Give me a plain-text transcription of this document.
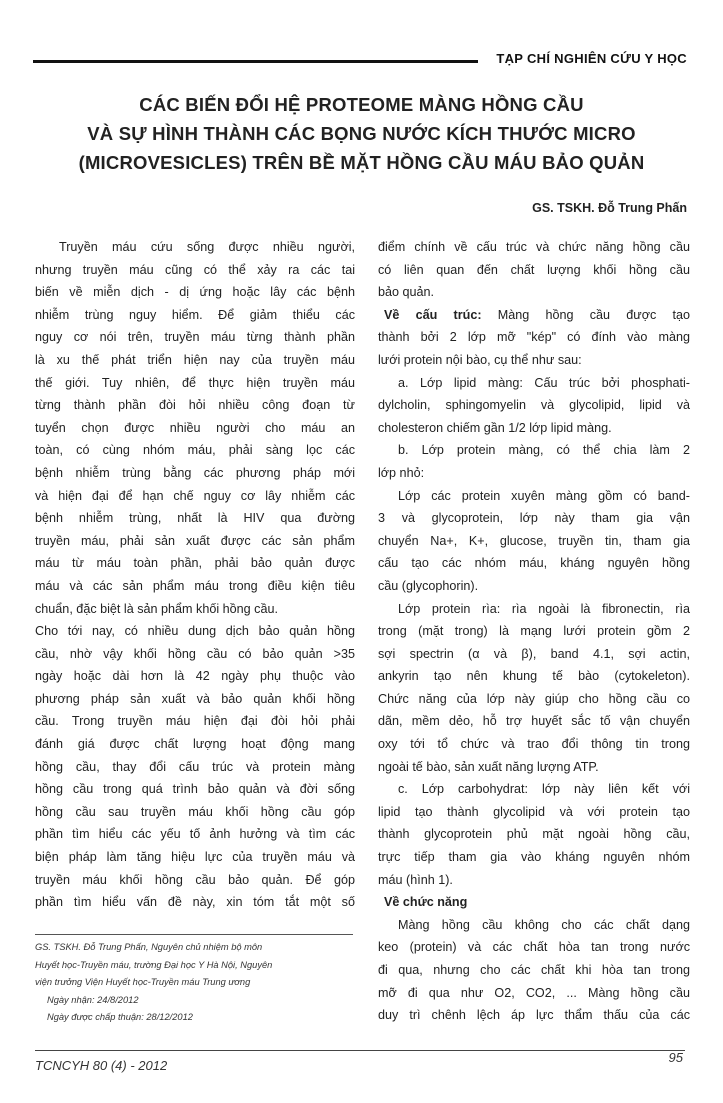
TẠP CHÍ NGHIÊN CỨU Y HỌC
CÁC BIẾN ĐỔI HỆ PROTEOME MÀNG HỒNG CẦU
VÀ SỰ HÌNH THÀNH CÁC BỌNG NƯỚC KÍCH THƯỚC MICRO
(MICROVESICLES) TRÊN BỀ MẶT HỒNG CẦU MÁU BẢO QUẢN
GS. TSKH. Đỗ Trung Phấn
Truyền máu cứu sống được nhiều người,
nhưng truyền máu cũng có thể xảy ra các tai
biến về miễn dịch - dị ứng hoặc lây các bệnh
nhiễm trùng nguy hiểm. Để giảm thiểu các
nguy cơ nói trên, truyền máu từng thành phần
là xu thế phát triển hiện nay của truyền máu
thế giới. Tuy nhiên, để thực hiện truyền máu
từng thành phần đòi hỏi nhiều công đoạn từ
tuyển chọn được nhiều người cho máu an
toàn, có cùng nhóm máu, phải sàng lọc các
bệnh nhiễm trùng bằng các phương pháp mới
và hiện đại để hạn chế nguy cơ lây nhiễm các
bệnh nhiễm trùng, nhất là HIV qua đường
truyền máu, phải sản xuất được các sản phẩm
máu từ máu toàn phần, phải bảo quản được
máu và các sản phẩm máu trong điều kiện tiêu
chuẩn, đặc biệt là sản phẩm khối hồng cầu.
Cho tới nay, có nhiều dung dịch bảo quản hồng
cầu, nhờ vậy khối hồng cầu có bảo quản >35
ngày hoặc dài hơn là 42 ngày phụ thuộc vào
phương pháp sản xuất và bảo quản khối hồng
cầu. Trong truyền máu hiện đại đòi hỏi phải
đánh giá được chất lượng hoạt động mang
hồng cầu, thay đổi cấu trúc và protein màng
hồng cầu trong quá trình bảo quản và đời sống
hồng cầu sau truyền máu khối hồng cầu góp
phần tìm hiểu các yếu tố ảnh hưởng và tìm các
biện pháp làm tăng hiệu lực của truyền máu và
truyền máu khối hồng cầu bảo quản. Để góp
phần tìm hiểu vấn đề này, xin tóm tắt một số
GS. TSKH. Đỗ Trung Phấn, Nguyên chủ nhiệm bộ môn
Huyết học-Truyền máu, trường Đại học Y Hà Nội, Nguyên
viện trưởng Viện Huyết học-Truyền máu Trung ương
Ngày nhận: 24/8/2012
Ngày được chấp thuận: 28/12/2012
điểm chính về cấu trúc và chức năng hồng cầu
có liên quan đến chất lượng khối hồng cầu
bảo quản.
Về cấu trúc: Màng hồng cầu được tạo
thành bởi 2 lớp mỡ "kép" có đính vào màng
lưới protein nội bào, cụ thể như sau:
a. Lớp lipid màng: Cấu trúc bởi phosphati-
dylcholin, sphingomyelin và glycolipid, lipid và
cholesteron chiếm gần 1/2 lớp lipid màng.
b. Lớp protein màng, có thể chia làm 2
lớp nhỏ:
Lớp các protein xuyên màng gồm có band-
3 và glycoprotein, lớp này tham gia vận
chuyển Na+, K+, glucose, truyền tin, tham gia
cấu tạo các nhóm máu, kháng nguyên hồng
cầu (glycophorin).
Lớp protein rìa: rìa ngoài là fibronectin, rìa
trong (mặt trong) là mạng lưới protein gồm 2
sợi spectrin (α và β), band 4.1, sợi actin,
ankyrin tạo nên khung tế bào (cytokeleton).
Chức năng của lớp này giúp cho hồng cầu co
dãn, mềm dẻo, hỗ trợ huyết sắc tố vận chuyển
oxy tới tổ chức và trao đổi thông tin trong
ngoài tế bào, sản xuất năng lượng ATP.
c. Lớp carbohydrat: lớp này liên kết với
lipid tạo thành glycolipid và với protein tạo
thành glycoprotein phủ mặt ngoài hồng cầu,
trực tiếp tham gia vào kháng nguyên nhóm
máu (hình 1).
Về chức năng
Màng hồng cầu không cho các chất dạng
keo (protein) và các chất hòa tan trong nước
đi qua, nhưng cho các chất khi hòa tan trong
mỡ đi qua như O2, CO2, ... Màng hồng cầu
duy trì chênh lệch áp lực thẩm thấu của các
TCNCYH 80 (4) - 2012
95
